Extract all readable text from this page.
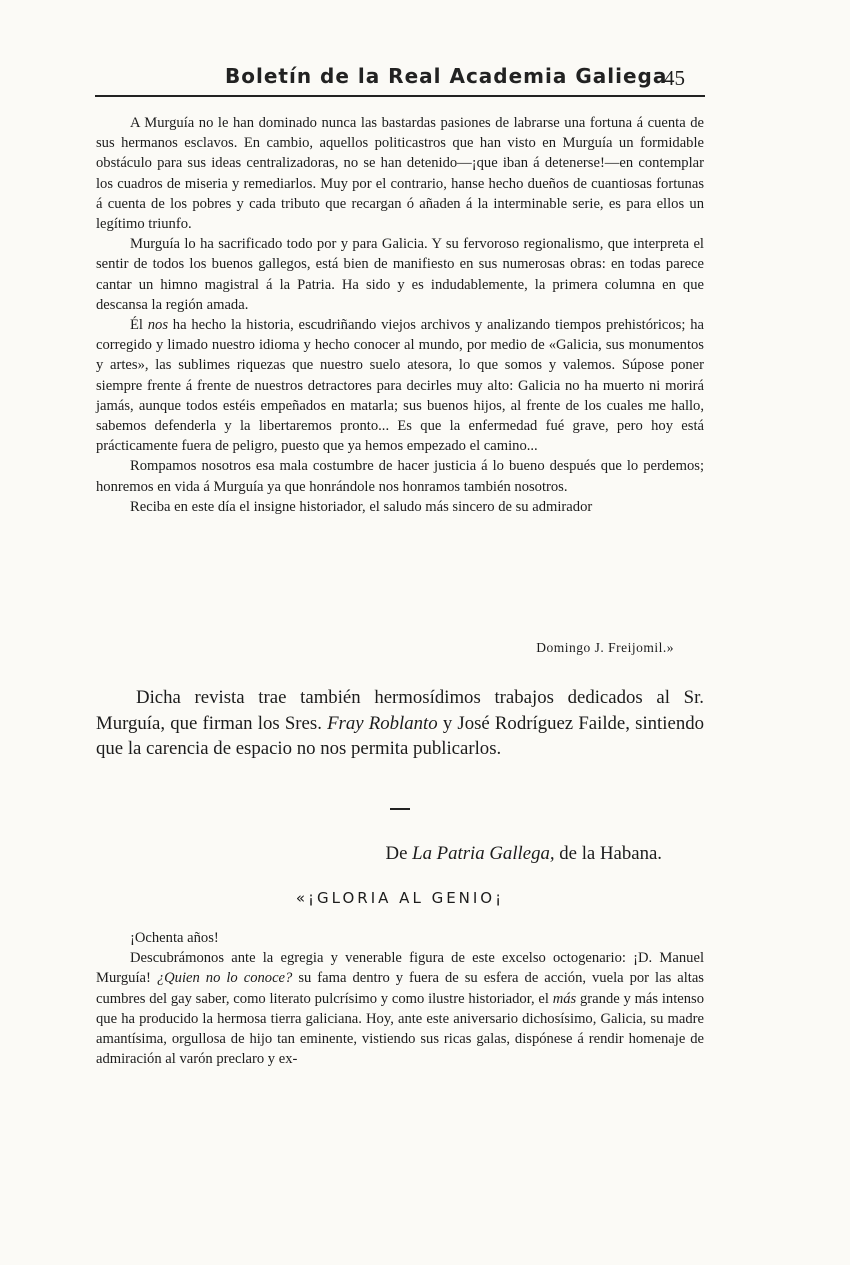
Boletín de la Real Academia Galiega
45

A Murguía no le han dominado nunca las bastardas pasiones de labrarse una fortuna á cuenta de sus hermanos esclavos. En cambio, aquellos politicastros que han visto en Murguía un formidable obstáculo para sus ideas centralizadoras, no se han detenido—¡que iban á detenerse!—en contemplar los cuadros de miseria y remediarlos. Muy por el contrario, hanse hecho dueños de cuantiosas fortunas á cuenta de los pobres y cada tributo que recargan ó añaden á la interminable serie, es para ellos un legítimo triunfo.

Murguía lo ha sacrificado todo por y para Galicia. Y su fervoroso regionalismo, que interpreta el sentir de todos los buenos gallegos, está bien de manifiesto en sus numerosas obras: en todas parece cantar un himno magistral á la Patria. Ha sido y es indudablemente, la primera columna en que descansa la región amada.

Él nos ha hecho la historia, escudriñando viejos archivos y analizando tiempos prehistóricos; ha corregido y limado nuestro idioma y hecho conocer al mundo, por medio de «Galicia, sus monumentos y artes», las sublimes riquezas que nuestro suelo atesora, lo que somos y valemos. Súpose poner siempre frente á frente de nuestros detractores para decirles muy alto: Galicia no ha muerto ni morirá jamás, aunque todos estéis empeñados en matarla; sus buenos hijos, al frente de los cuales me hallo, sabemos defenderla y la libertaremos pronto... Es que la enfermedad fué grave, pero hoy está prácticamente fuera de peligro, puesto que ya hemos empezado el camino...

Rompamos nosotros esa mala costumbre de hacer justicia á lo bueno después que lo perdemos; honremos en vida á Murguía ya que honrándole nos honramos también nosotros.

Reciba en este día el insigne historiador, el saludo más sincero de su admirador

Domingo J. Freijomil.»

Dicha revista trae también hermosídimos trabajos dedicados al Sr. Murguía, que firman los Sres. Fray Roblanto y José Rodríguez Failde, sintiendo que la carencia de espacio no nos permita publicarlos.

De La Patria Gallega, de la Habana.
«¡GLORIA AL GENIO¡

¡Ochenta años!

Descubrámonos ante la egregia y venerable figura de este excelso octogenario: ¡D. Manuel Murguía! ¿Quien no lo conoce? su fama dentro y fuera de su esfera de acción, vuela por las altas cumbres del gay saber, como literato pulcrísimo y como ilustre historiador, el más grande y más intenso que ha producido la hermosa tierra galiciana. Hoy, ante este aniversario dichosísimo, Galicia, su madre amantísima, orgullosa de hijo tan eminente, vistiendo sus ricas galas, dispónese á rendir homenaje de admiración al varón preclaro y ex-
